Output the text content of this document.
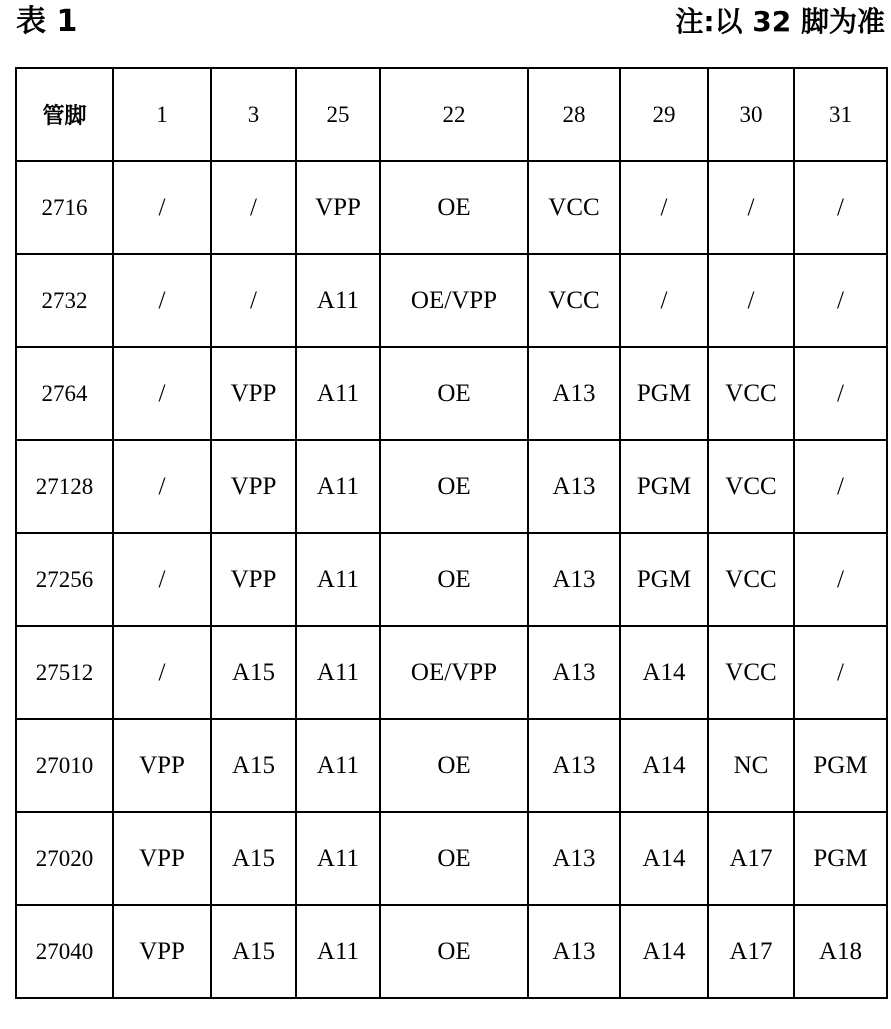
表 1	注:以 32 脚为准
管脚	1	3	25	22	28	29	30	31
2716	/	/	VPP	OE	VCC	/	/	/
2732	/	/	A11	OE/VPP	VCC	/	/	/
2764	/	VPP	A11	OE	A13	PGM	VCC	/
27128	/	VPP	A11	OE	A13	PGM	VCC	/
27256	/	VPP	A11	OE	A13	PGM	VCC	/
27512	/	A15	A11	OE/VPP	A13	A14	VCC	/
27010	VPP	A15	A11	OE	A13	A14	NC	PGM
27020	VPP	A15	A11	OE	A13	A14	A17	PGM
27040	VPP	A15	A11	OE	A13	A14	A17	A18
